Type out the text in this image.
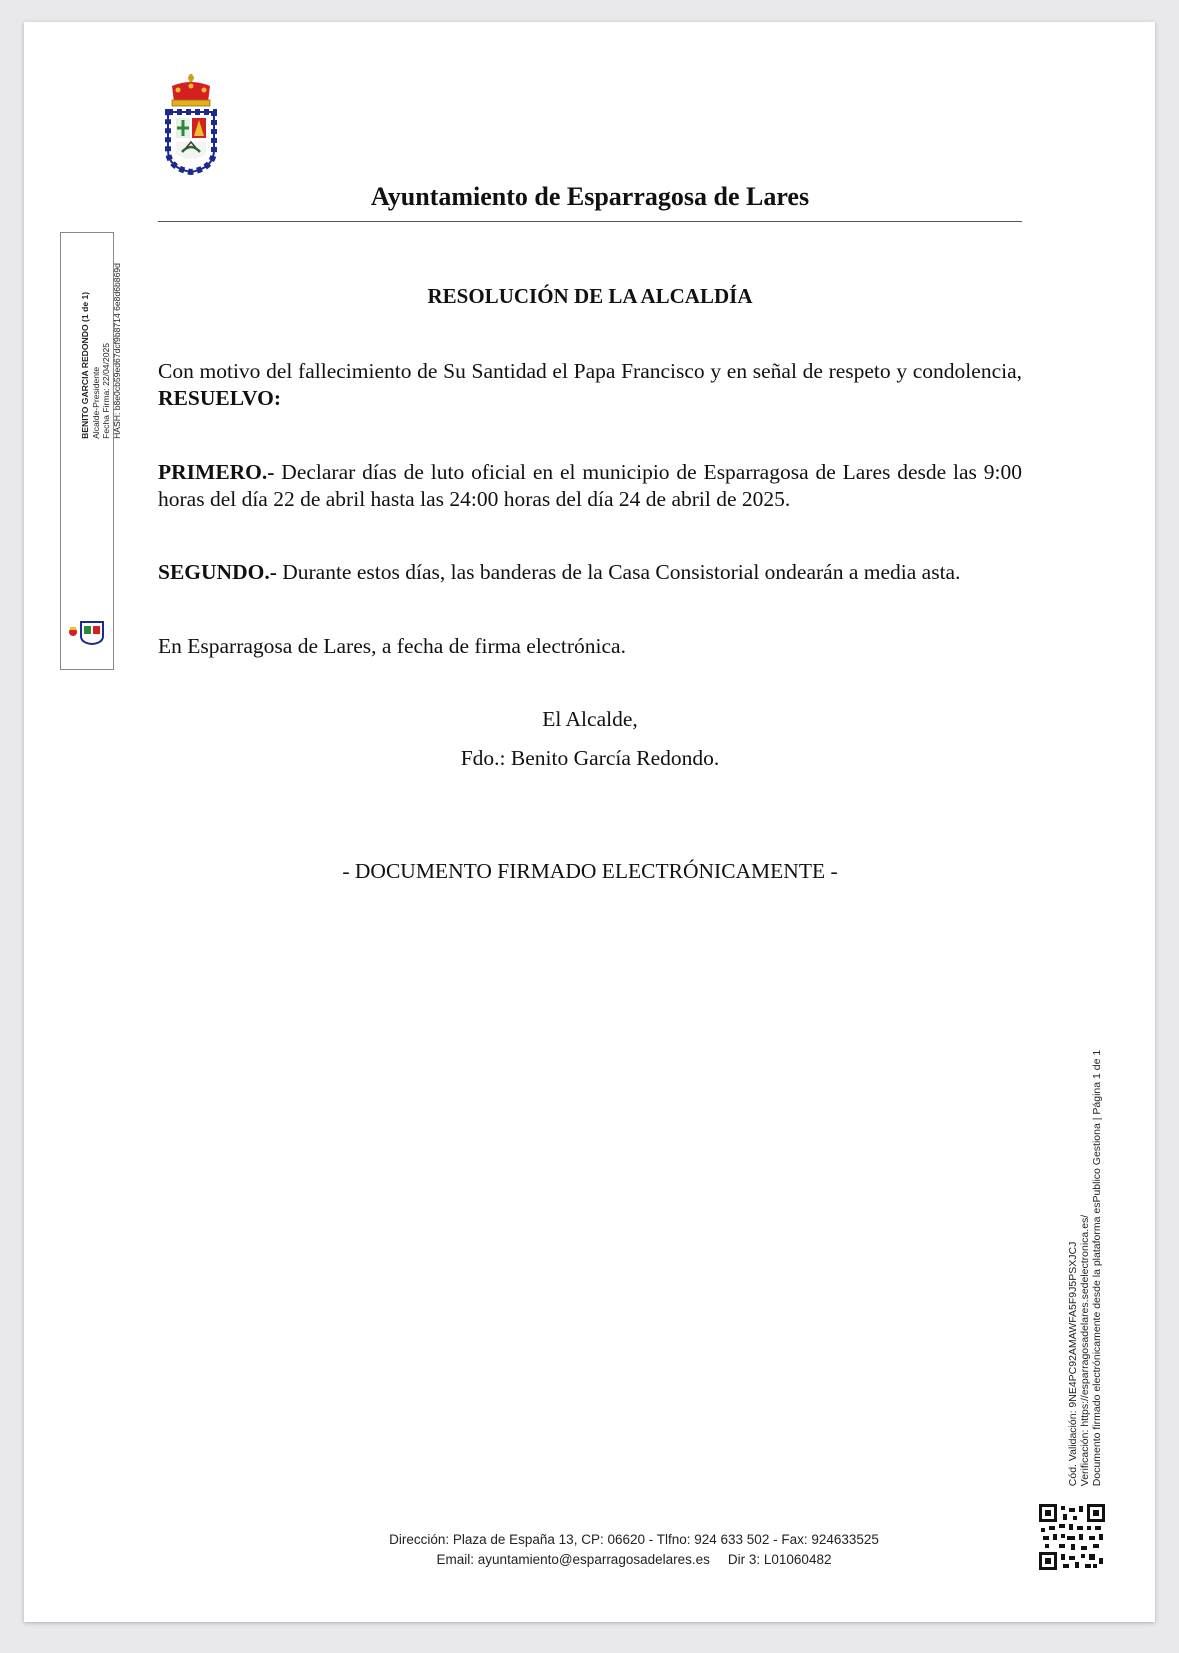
Ayuntamiento de Esparragosa de Lares
BENITO GARCIA REDONDO (1 de 1) Alcalde-Presidente Fecha Firma: 22/04/2025 HASH: b8e0cb59ed67dcf9b8714 6e8d6b869d	RESOLUCIÓN DE LA ALCALDÍA
Con motivo del fallecimiento de Su Santidad el Papa Francisco y en señal de respeto y condolencia, RESUELVO:
PRIMERO.- Declarar días de luto oficial en el municipio de Esparragosa de Lares desde las 9:00 horas del día 22 de abril hasta las 24:00 horas del día 24 de abril de 2025.
SEGUNDO.- Durante estos días, las banderas de la Casa Consistorial ondearán a media asta.
En Esparragosa de Lares, a fecha de firma electrónica.
El Alcalde,
Fdo.: Benito García Redondo.
- DOCUMENTO FIRMADO ELECTRÓNICAMENTE -
Cód. Validación: 9NE4PC92AMAWFA5F9J5PSXJCJ Verificación: https://esparragosadelares.sedelectronica.es/ Documento firmado electrónicamente desde la plataforma esPublico Gestiona | Página 1 de 1
Dirección: Plaza de España 13, CP: 06620 - Tlfno: 924 633 502 - Fax: 924633525
Email: ayuntamiento@esparragosadelares.es Dir 3: L01060482
